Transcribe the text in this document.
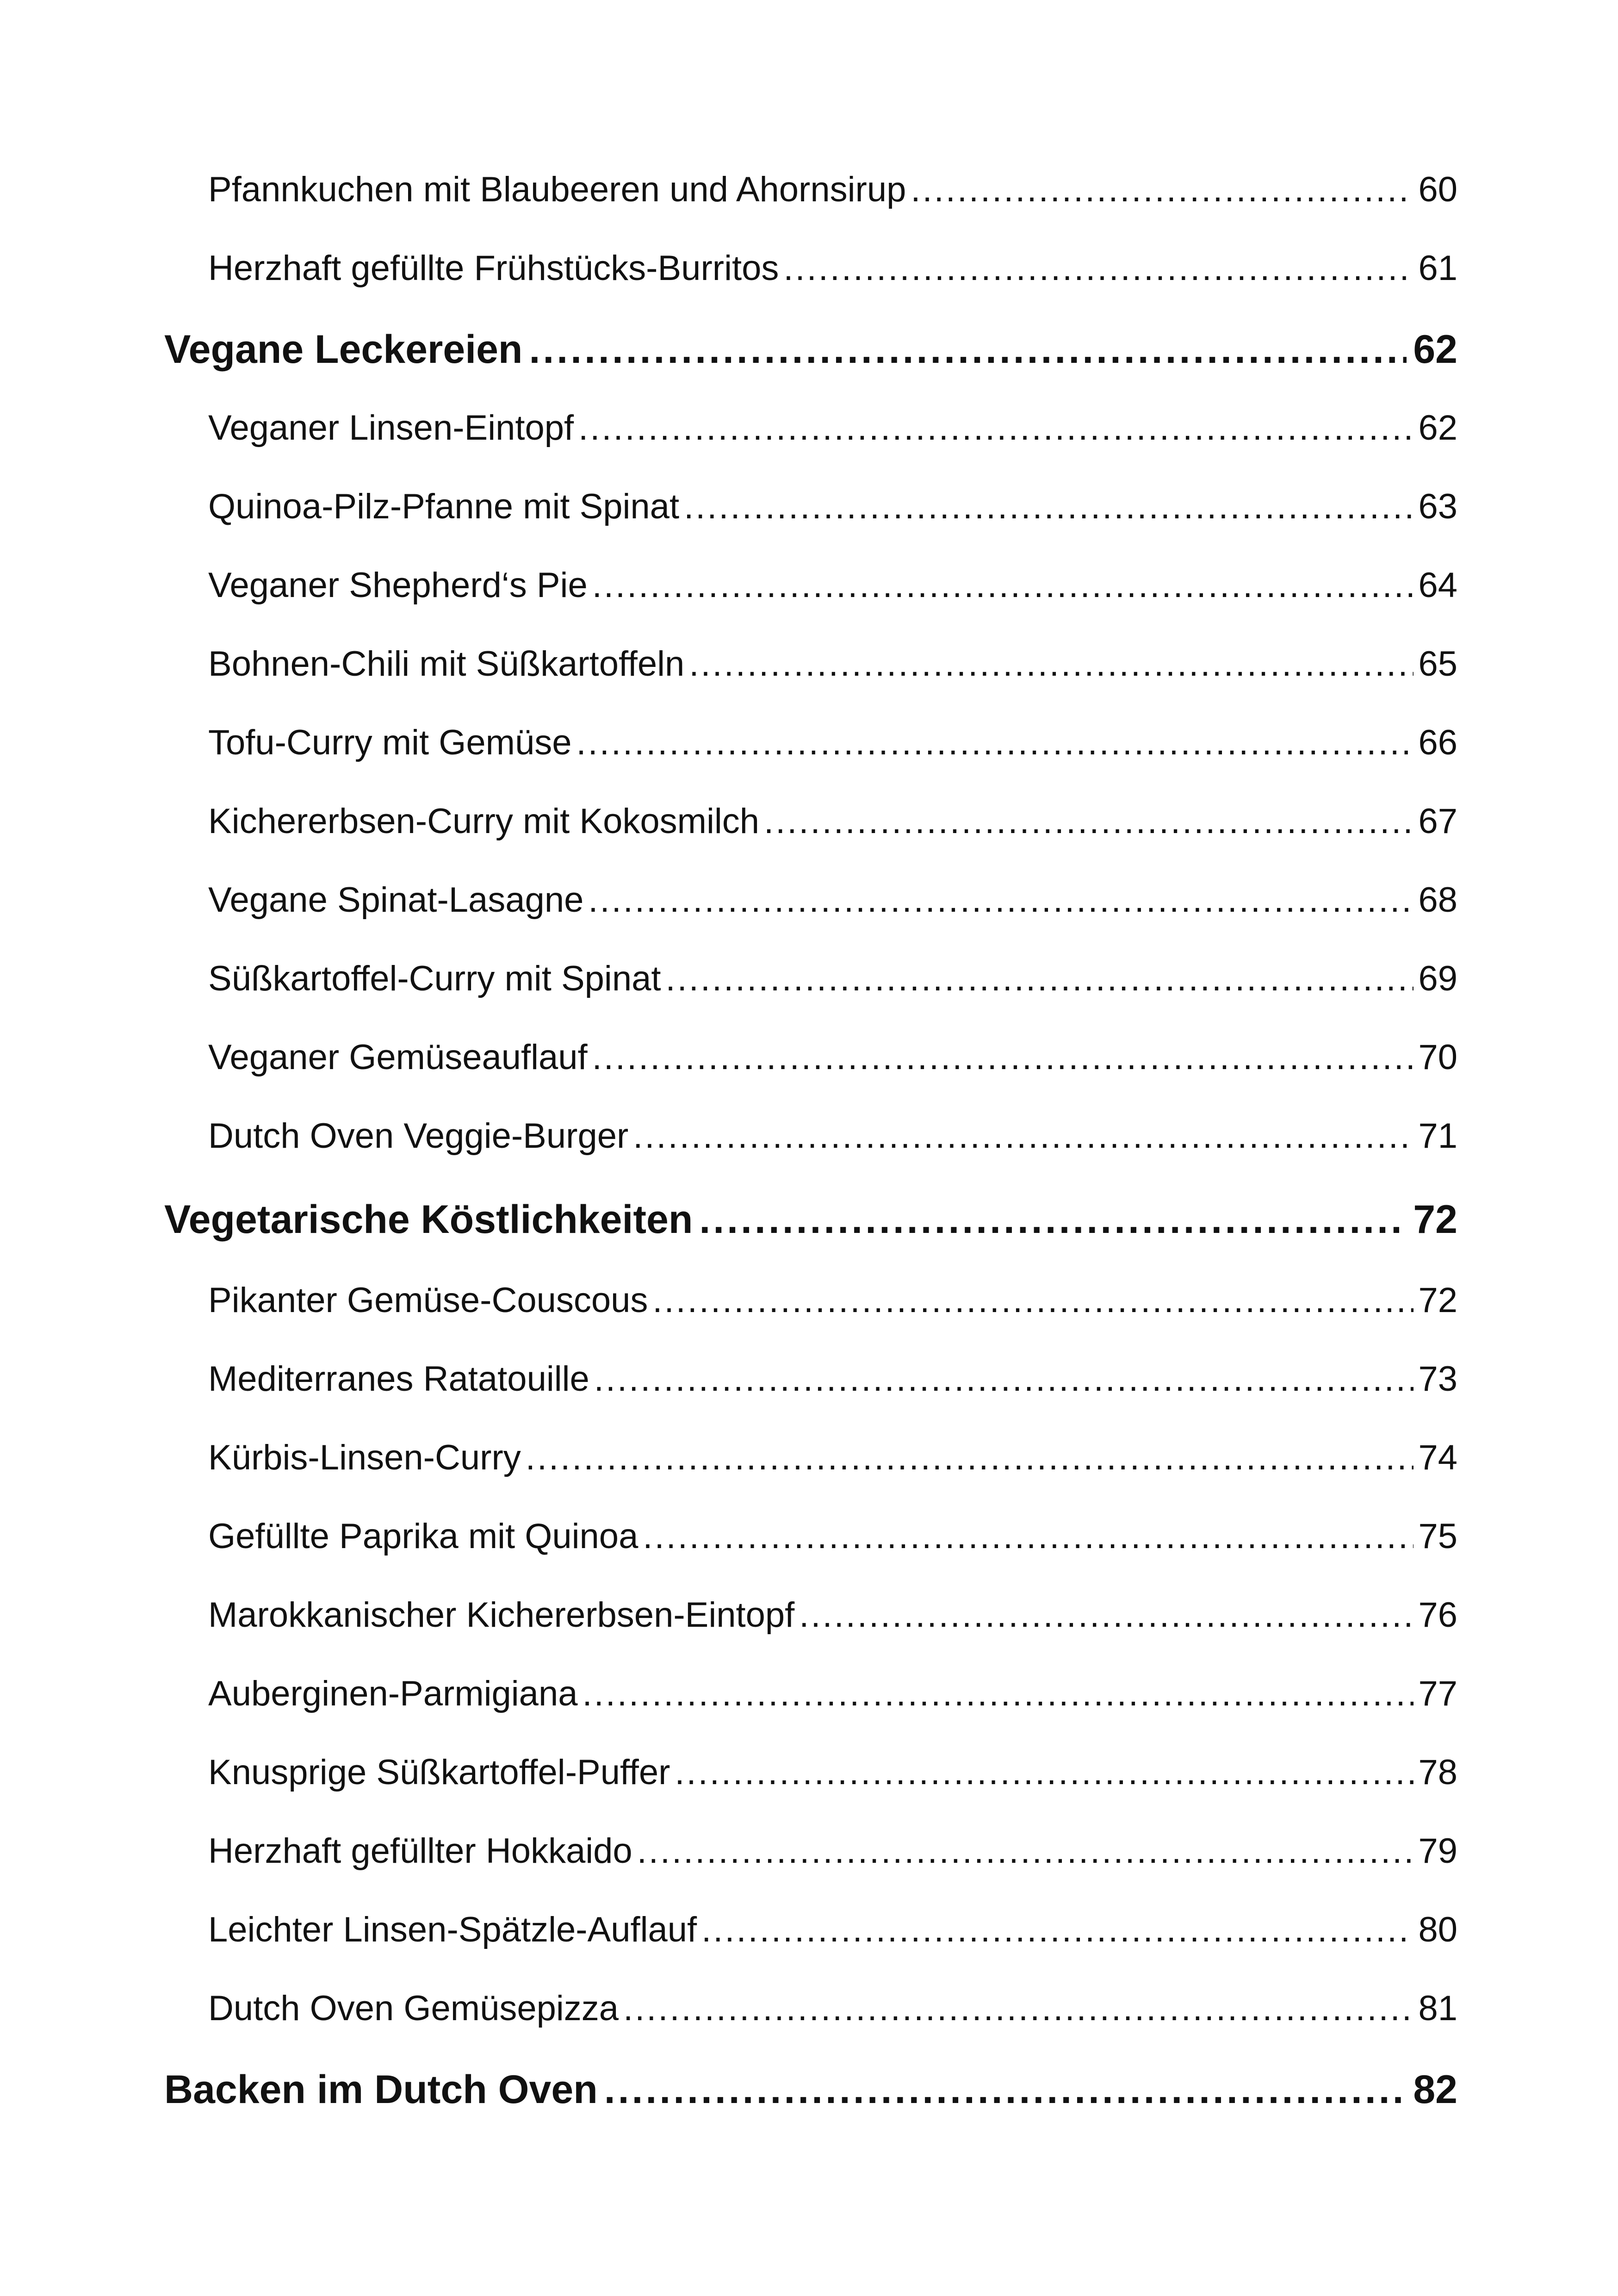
Pfannkuchen mit Blaubeeren und Ahornsirup .....	60
Herzhaft gefüllte Frühstücks-Burritos .....	61
Vegane Leckereien .....	62
Veganer Linsen-Eintopf .....	62
Quinoa-Pilz-Pfanne mit Spinat .....	63
Veganer Shepherd‘s Pie .....	64
Bohnen-Chili mit Süßkartoffeln .....	65
Tofu-Curry mit Gemüse .....	66
Kichererbsen-Curry mit Kokosmilch .....	67
Vegane Spinat-Lasagne .....	68
Süßkartoffel-Curry mit Spinat .....	69
Veganer Gemüseauflauf .....	70
Dutch Oven Veggie-Burger .....	71
Vegetarische Köstlichkeiten .....	72
Pikanter Gemüse-Couscous .....	72
Mediterranes Ratatouille .....	73
Kürbis-Linsen-Curry .....	74
Gefüllte Paprika mit Quinoa .....	75
Marokkanischer Kichererbsen-Eintopf .....	76
Auberginen-Parmigiana .....	77
Knusprige Süßkartoffel-Puffer .....	78
Herzhaft gefüllter Hokkaido .....	79
Leichter Linsen-Spätzle-Auflauf .....	80
Dutch Oven Gemüsepizza .....	81
Backen im Dutch Oven .....	82
